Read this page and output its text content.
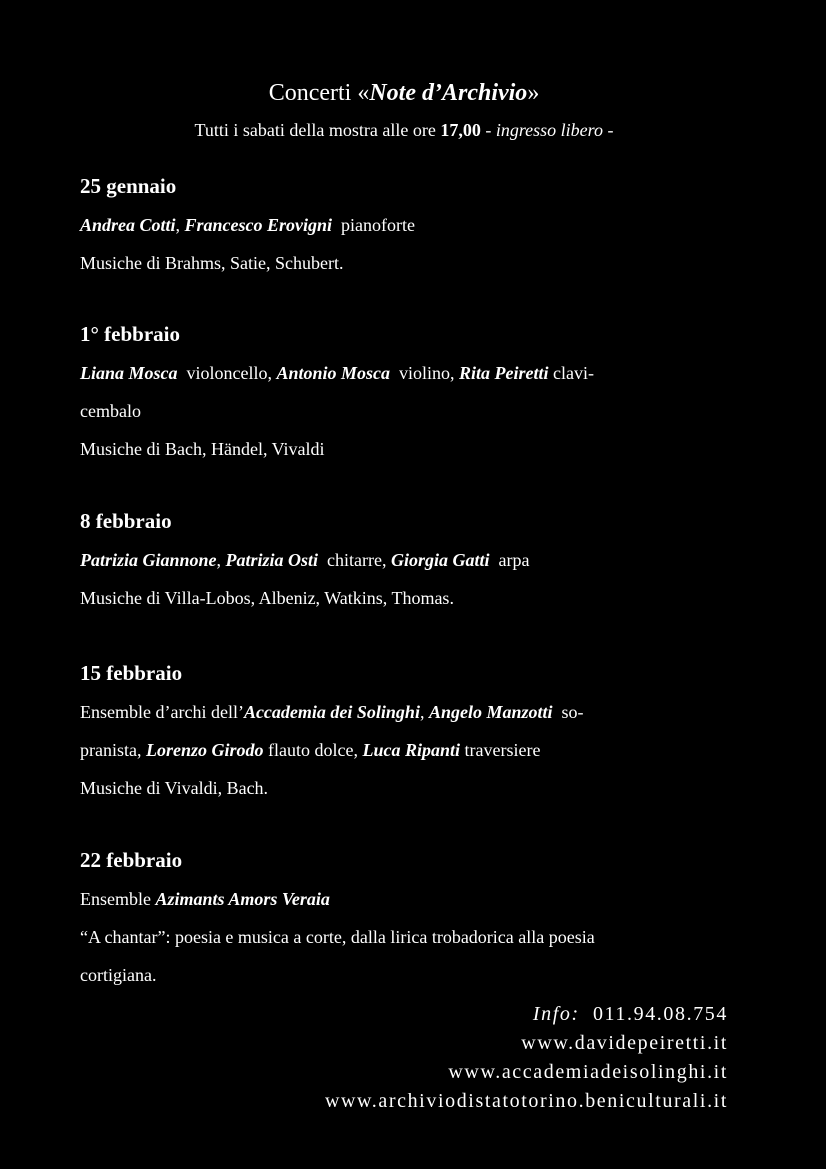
Concerti «Note d’Archivio»
Tutti i sabati della mostra alle ore 17,00 - ingresso libero -
25 gennaio
Andrea Cotti, Francesco Erovigni  pianoforte
Musiche di Brahms, Satie, Schubert.
1° febbraio
Liana Mosca  violoncello, Antonio Mosca  violino, Rita Peiretti clavi-
cembalo
Musiche di Bach, Händel, Vivaldi
8 febbraio
Patrizia Giannone, Patrizia Osti  chitarre, Giorgia Gatti  arpa
Musiche di Villa-Lobos, Albeniz, Watkins, Thomas.
15 febbraio
Ensemble d’archi dell’Accademia dei Solinghi, Angelo Manzotti  so-
pranista, Lorenzo Girodo flauto dolce, Luca Ripanti traversiere
Musiche di Vivaldi, Bach.
22 febbraio
Ensemble Azimants Amors Veraia
“A chantar”: poesia e musica a corte, dalla lirica trobadorica alla poesia
cortigiana.
Info: 011.94.08.754
www.davidepeiretti.it
www.accademiadeisolinghi.it
www.archiviodistatotorino.beniculturali.it
